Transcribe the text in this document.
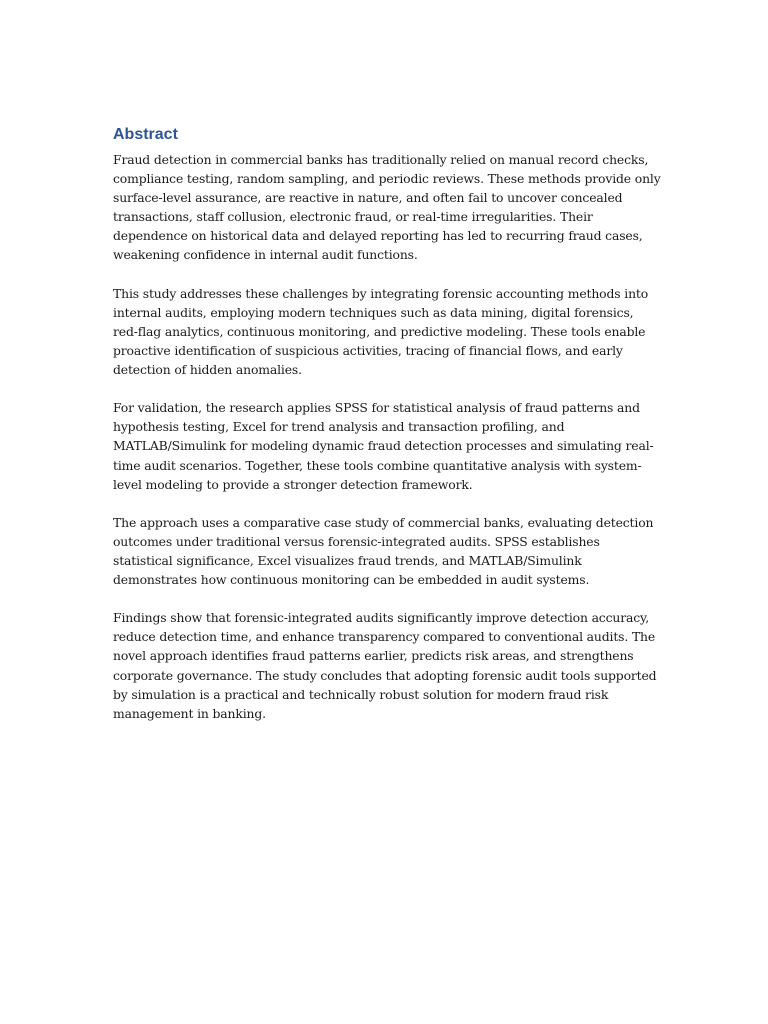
Abstract

Fraud detection in commercial banks has traditionally relied on manual record checks, compliance testing, random sampling, and periodic reviews. These methods provide only surface-level assurance, are reactive in nature, and often fail to uncover concealed transactions, staff collusion, electronic fraud, or real-time irregularities. Their dependence on historical data and delayed reporting has led to recurring fraud cases, weakening confidence in internal audit functions.

This study addresses these challenges by integrating forensic accounting methods into internal audits, employing modern techniques such as data mining, digital forensics, red-flag analytics, continuous monitoring, and predictive modeling. These tools enable proactive identification of suspicious activities, tracing of financial flows, and early detection of hidden anomalies.

For validation, the research applies SPSS for statistical analysis of fraud patterns and hypothesis testing, Excel for trend analysis and transaction profiling, and MATLAB/Simulink for modeling dynamic fraud detection processes and simulating real-time audit scenarios. Together, these tools combine quantitative analysis with system-level modeling to provide a stronger detection framework.

The approach uses a comparative case study of commercial banks, evaluating detection outcomes under traditional versus forensic-integrated audits. SPSS establishes statistical significance, Excel visualizes fraud trends, and MATLAB/Simulink demonstrates how continuous monitoring can be embedded in audit systems.

Findings show that forensic-integrated audits significantly improve detection accuracy, reduce detection time, and enhance transparency compared to conventional audits. The novel approach identifies fraud patterns earlier, predicts risk areas, and strengthens corporate governance. The study concludes that adopting forensic audit tools supported by simulation is a practical and technically robust solution for modern fraud risk management in banking.
